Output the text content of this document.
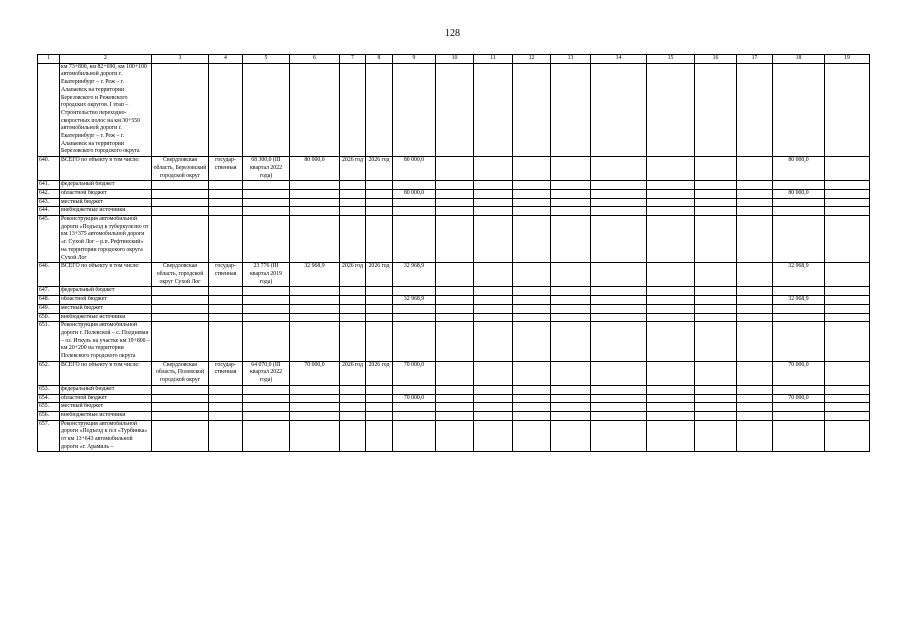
128
1	2	3	4	5	6	7	8	9	10	11	12	13	14	15	16	17	18	19
	км 73+800, км 82+690, км 100+100 автомобильной дороги г. Екатеринбург – г. Реж – г. Алапаевск на территории Березовского и Режевского городских округов. I этап – Строительство переходно-скоростных полос на км 30+550 автомобильной дороги г. Екатеринбург – г. Реж – г. Алапаевск на территории Березовского городского округа																	
640.	ВСЕГО по объекту в том числе:	Свердловская область, Березовский городской округ	государ-ственная	68 300,0 (III квартал 2022 года)	80 000,0	2026 год	2026 год	80 000,0									80 000,0	
641.	федеральный бюджет																	
642.	областной бюджет							80 000,0									80 000,0	
643.	местный бюджет																	
644.	внебюджетные источники																	
645.	Реконструкция автомобильной дороги «Подъезд к туберкулезно от км 13+375 автомобильной дороги «г. Сухой Лог – р.п. Рефтинский» на территории городского округа Сухой Лог																	
646.	ВСЕГО по объекту в том числе:	Свердловская область, городской округ Сухой Лог	государ-ственная	23 776 (III квартал 2019 года)	32 968,9	2026 год	2026 год	32 968,9									32 968,9	
647.	федеральный бюджет																	
648.	областной бюджет							32 968,9									32 968,9	
649.	местный бюджет																	
650.	внебюджетные источники																	
651.	Реконструкция автомобильной дороги г. Полевской – с. Полдневая – оз. Иткуль на участке км 19+800 – км 20+200 на территории Полевского городского округа																	
652.	ВСЕГО по объекту в том числе:	Свердловская область, Полевской городской округ	государ-ственная	64 070,0 (III квартал 2022 года)	70 000,0	2026 год	2026 год	70 000,0									70 000,0	
653.	федеральный бюджет																	
654.	областной бюджет							70 000,0									70 000,0	
655.	местный бюджет																	
656.	внебюджетные источники																	
657.	Реконструкция автомобильной дороги «Подъезд к п/л «Турбинка» от км 13+643 автомобильной дороги «г. Арамиль –																	
